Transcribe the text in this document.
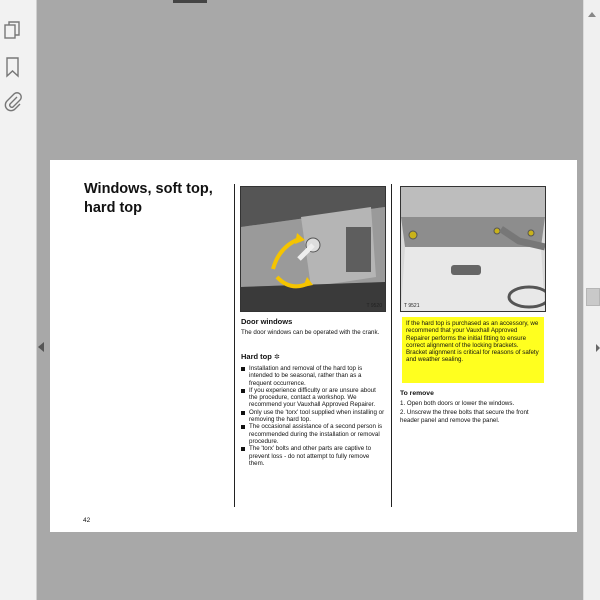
Windows, soft top,
hard top
T 9520	T 9521
Door windows

The door windows can be operated with the crank.

Hard top ✲
Installation and removal of the hard top is intended to be seasonal, rather than as a frequent occurrence.
If you experience difficulty or are unsure about the procedure, contact a workshop. We recommend your Vauxhall Approved Repairer.
Only use the 'torx' tool supplied when installing or removing the hard top.
The occasional assistance of a second person is recommended during the installation or removal procedure.
The 'torx' bolts and other parts are captive to prevent loss - do not attempt to fully remove them.
If the hard top is purchased as an accessory, we recommend that your Vauxhall Approved Repairer performs the initial fitting to ensure correct alignment of the locking brackets. Bracket alignment is critical for reasons of safety and weather sealing.
To remove
1. Open both doors or lower the windows.
2. Unscrew the three bolts that secure the front header panel and remove the panel.
42
